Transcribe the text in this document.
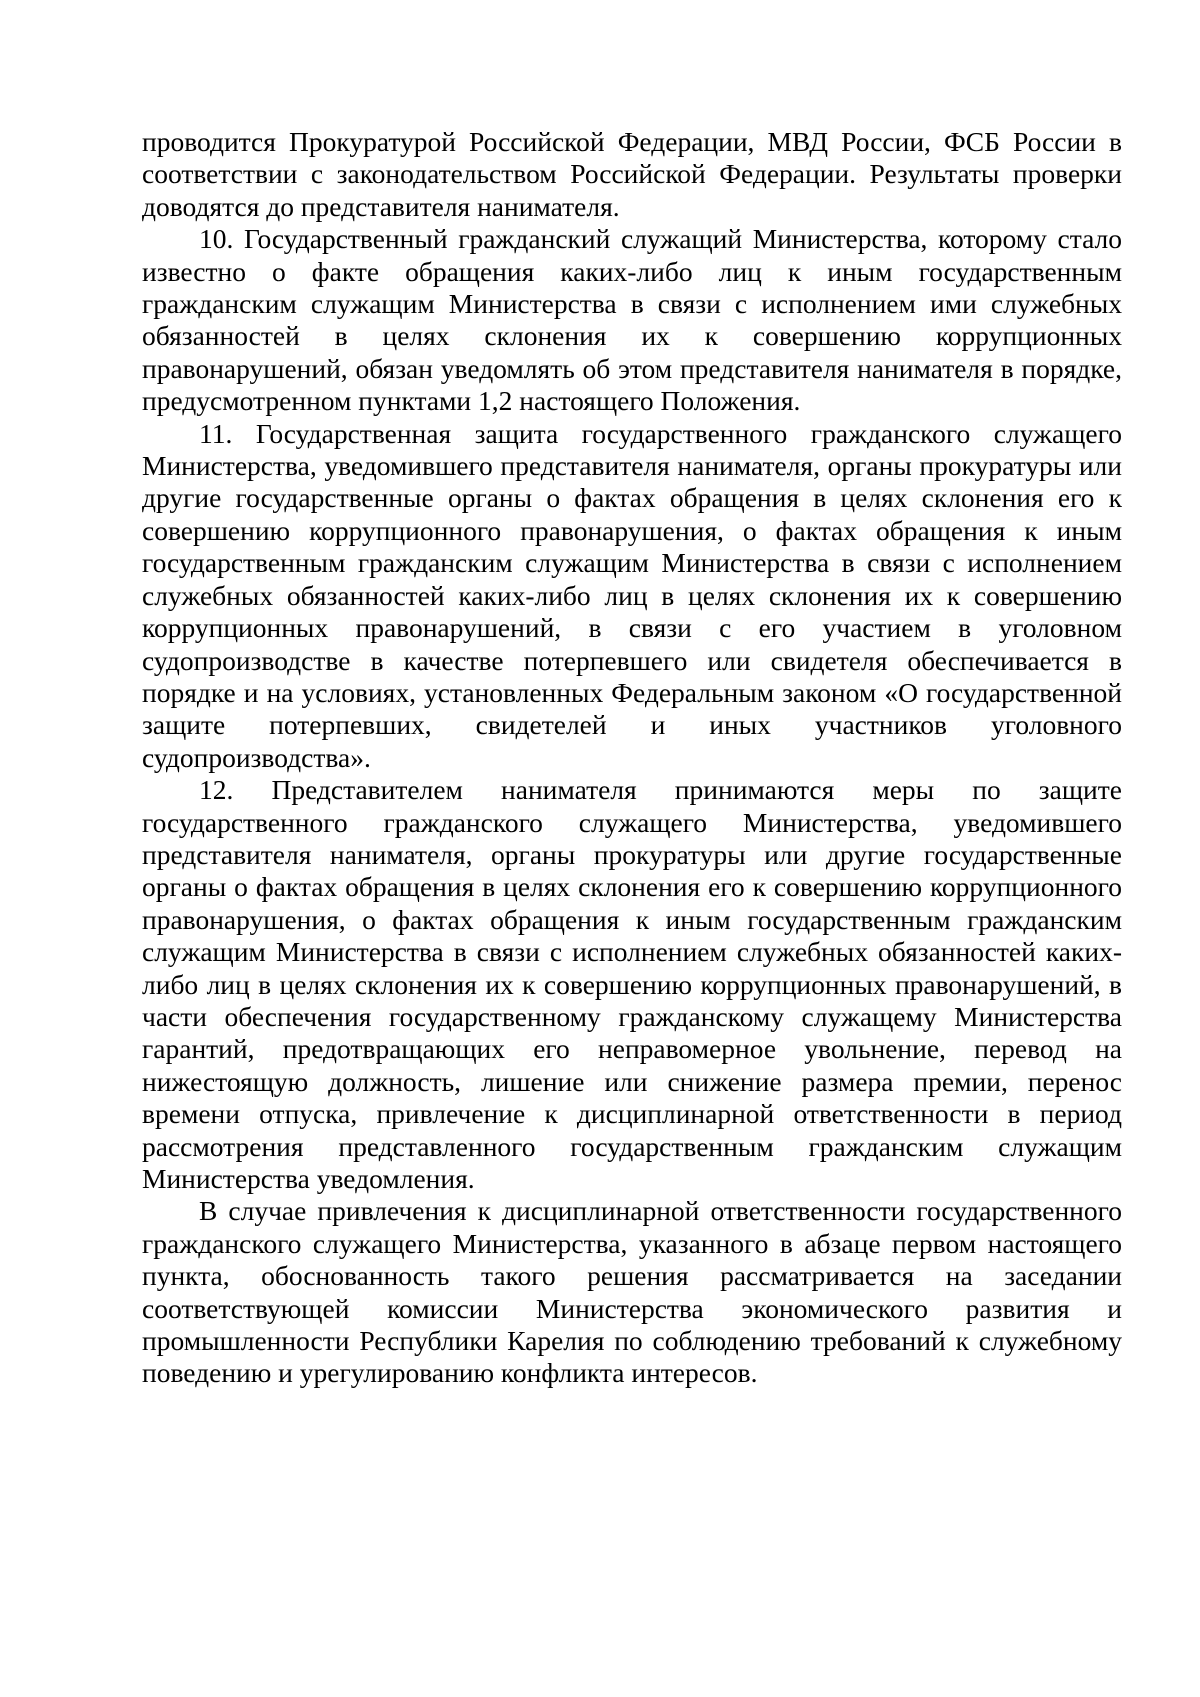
проводится Прокуратурой Российской Федерации, МВД России, ФСБ России в соответствии с законодательством Российской Федерации. Результаты проверки доводятся до представителя нанимателя.

10. Государственный гражданский служащий Министерства, которому стало известно о факте обращения каких-либо лиц к иным государственным гражданским служащим Министерства в связи с исполнением ими служебных обязанностей в целях склонения их к совершению коррупционных правонарушений, обязан уведомлять об этом представителя нанимателя в порядке, предусмотренном пунктами 1,2 настоящего Положения.

11. Государственная защита государственного гражданского служащего Министерства, уведомившего представителя нанимателя, органы прокуратуры или другие государственные органы о фактах обращения в целях склонения его к совершению коррупционного правонарушения, о фактах обращения к иным государственным гражданским служащим Министерства в связи с исполнением служебных обязанностей каких-либо лиц в целях склонения их к совершению коррупционных правонарушений, в связи с его участием в уголовном судопроизводстве в качестве потерпевшего или свидетеля обеспечивается в порядке и на условиях, установленных Федеральным законом «О государственной защите потерпевших, свидетелей и иных участников уголовного судопроизводства».

12. Представителем нанимателя принимаются меры по защите государственного гражданского служащего Министерства, уведомившего представителя нанимателя, органы прокуратуры или другие государственные органы о фактах обращения в целях склонения его к совершению коррупционного правонарушения, о фактах обращения к иным государственным гражданским служащим Министерства в связи с исполнением служебных обязанностей каких-либо лиц в целях склонения их к совершению коррупционных правонарушений, в части обеспечения государственному гражданскому служащему Министерства гарантий, предотвращающих его неправомерное увольнение, перевод на нижестоящую должность, лишение или снижение размера премии, перенос времени отпуска, привлечение к дисциплинарной ответственности в период рассмотрения представленного государственным гражданским служащим Министерства уведомления.

В случае привлечения к дисциплинарной ответственности государственного гражданского служащего Министерства, указанного в абзаце первом настоящего пункта, обоснованность такого решения рассматривается на заседании соответствующей комиссии Министерства экономического развития и промышленности Республики Карелия по соблюдению требований к служебному поведению и урегулированию конфликта интересов.
